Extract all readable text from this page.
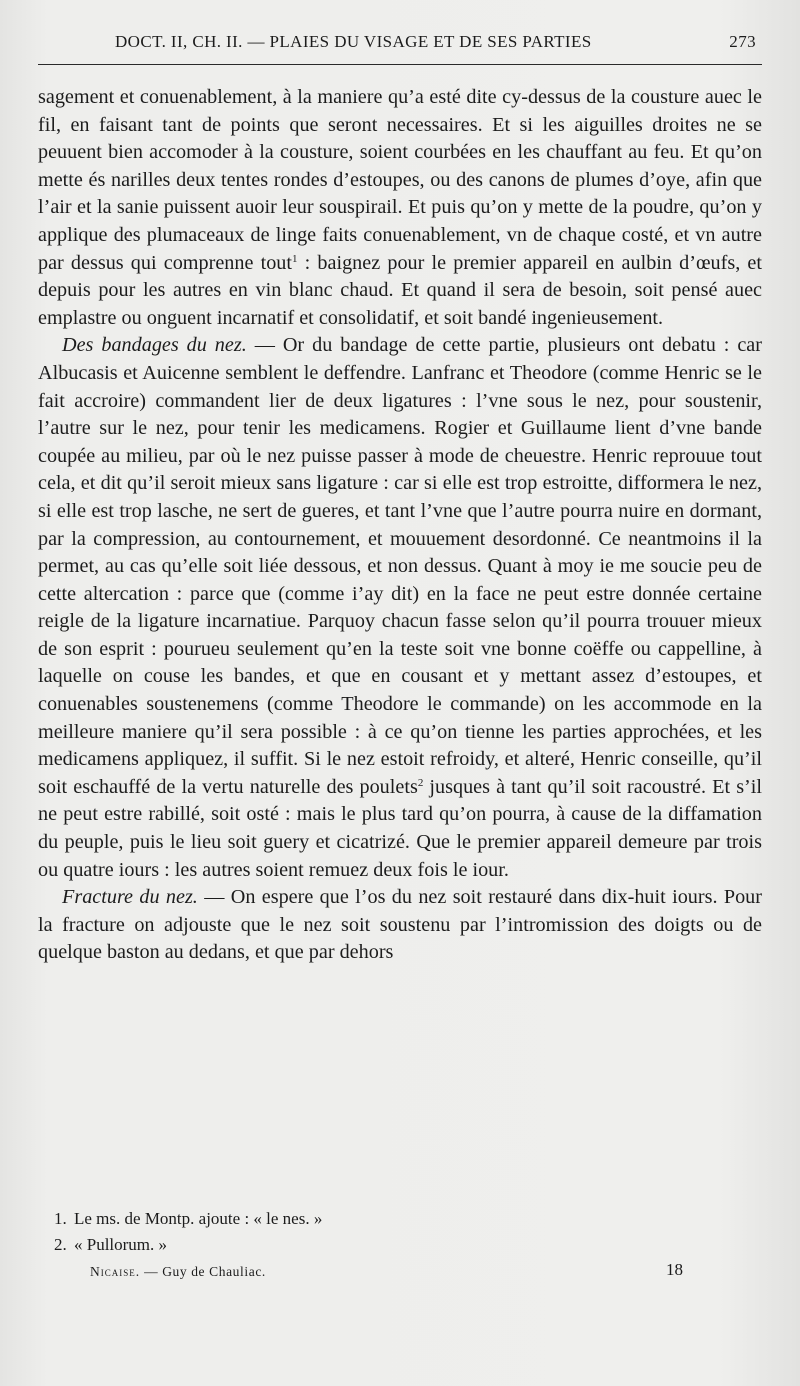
DOCT. II, CH. II. — PLAIES DU VISAGE ET DE SES PARTIES	273

sagement et conuenablement, à la maniere qu’a esté dite cy-dessus de la cousture auec le fil, en faisant tant de points que seront necessaires. Et si les aiguilles droites ne se peuuent bien accomoder à la cousture, soient courbées en les chauffant au feu. Et qu’on mette és narilles deux tentes rondes d’estoupes, ou des canons de plumes d’oye, afin que l’air et la sanie puissent auoir leur souspirail. Et puis qu’on y mette de la poudre, qu’on y applique des plumaceaux de linge faits conuenablement, vn de chaque costé, et vn autre par dessus qui comprenne tout$^1$ : baignez pour le premier appareil en aulbin d’œufs, et depuis pour les autres en vin blanc chaud. Et quand il sera de besoin, soit pensé auec emplastre ou onguent incarnatif et consolidatif, et soit bandé ingenieusement.

Des bandages du nez. — Or du bandage de cette partie, plusieurs ont debatu : car Albucasis et Auicenne semblent le deffendre. Lanfranc et Theodore (comme Henric se le fait accroire) commandent lier de deux ligatures : l’vne sous le nez, pour soustenir, l’autre sur le nez, pour tenir les medicamens. Rogier et Guillaume lient d’vne bande coupée au milieu, par où le nez puisse passer à mode de cheuestre. Henric reprouue tout cela, et dit qu’il seroit mieux sans ligature : car si elle est trop estroitte, difformera le nez, si elle est trop lasche, ne sert de gueres, et tant l’vne que l’autre pourra nuire en dormant, par la compression, au contournement, et mouuement desordonné. Ce neantmoins il la permet, au cas qu’elle soit liée dessous, et non dessus. Quant à moy ie me soucie peu de cette altercation : parce que (comme i’ay dit) en la face ne peut estre donnée certaine reigle de la ligature incarnatiue. Parquoy chacun fasse selon qu’il pourra trouuer mieux de son esprit : pourueu seulement qu’en la teste soit vne bonne coëffe ou cappelline, à laquelle on couse les bandes, et que en cousant et y mettant assez d’estoupes, et conuenables soustenemens (comme Theodore le commande) on les accommode en la meilleure maniere qu’il sera possible : à ce qu’on tienne les parties approchées, et les medicamens appliquez, il suffit. Si le nez estoit refroidy, et alteré, Henric conseille, qu’il soit eschauffé de la vertu naturelle des poulets$^2$ jusques à tant qu’il soit racoustré. Et s’il ne peut estre rabillé, soit osté : mais le plus tard qu’on pourra, à cause de la diffamation du peuple, puis le lieu soit guery et cicatrizé. Que le premier appareil demeure par trois ou quatre iours : les autres soient remuez deux fois le iour.

Fracture du nez. — On espere que l’os du nez soit restauré dans dix-huit iours. Pour la fracture on adjouste que le nez soit soustenu par l’intromission des doigts ou de quelque baston au dedans, et que par dehors

1. Le ms. de Montp. ajoute : « le nes. »
2. « Pullorum. »
Nicaise. — Guy de Chauliac.	18
